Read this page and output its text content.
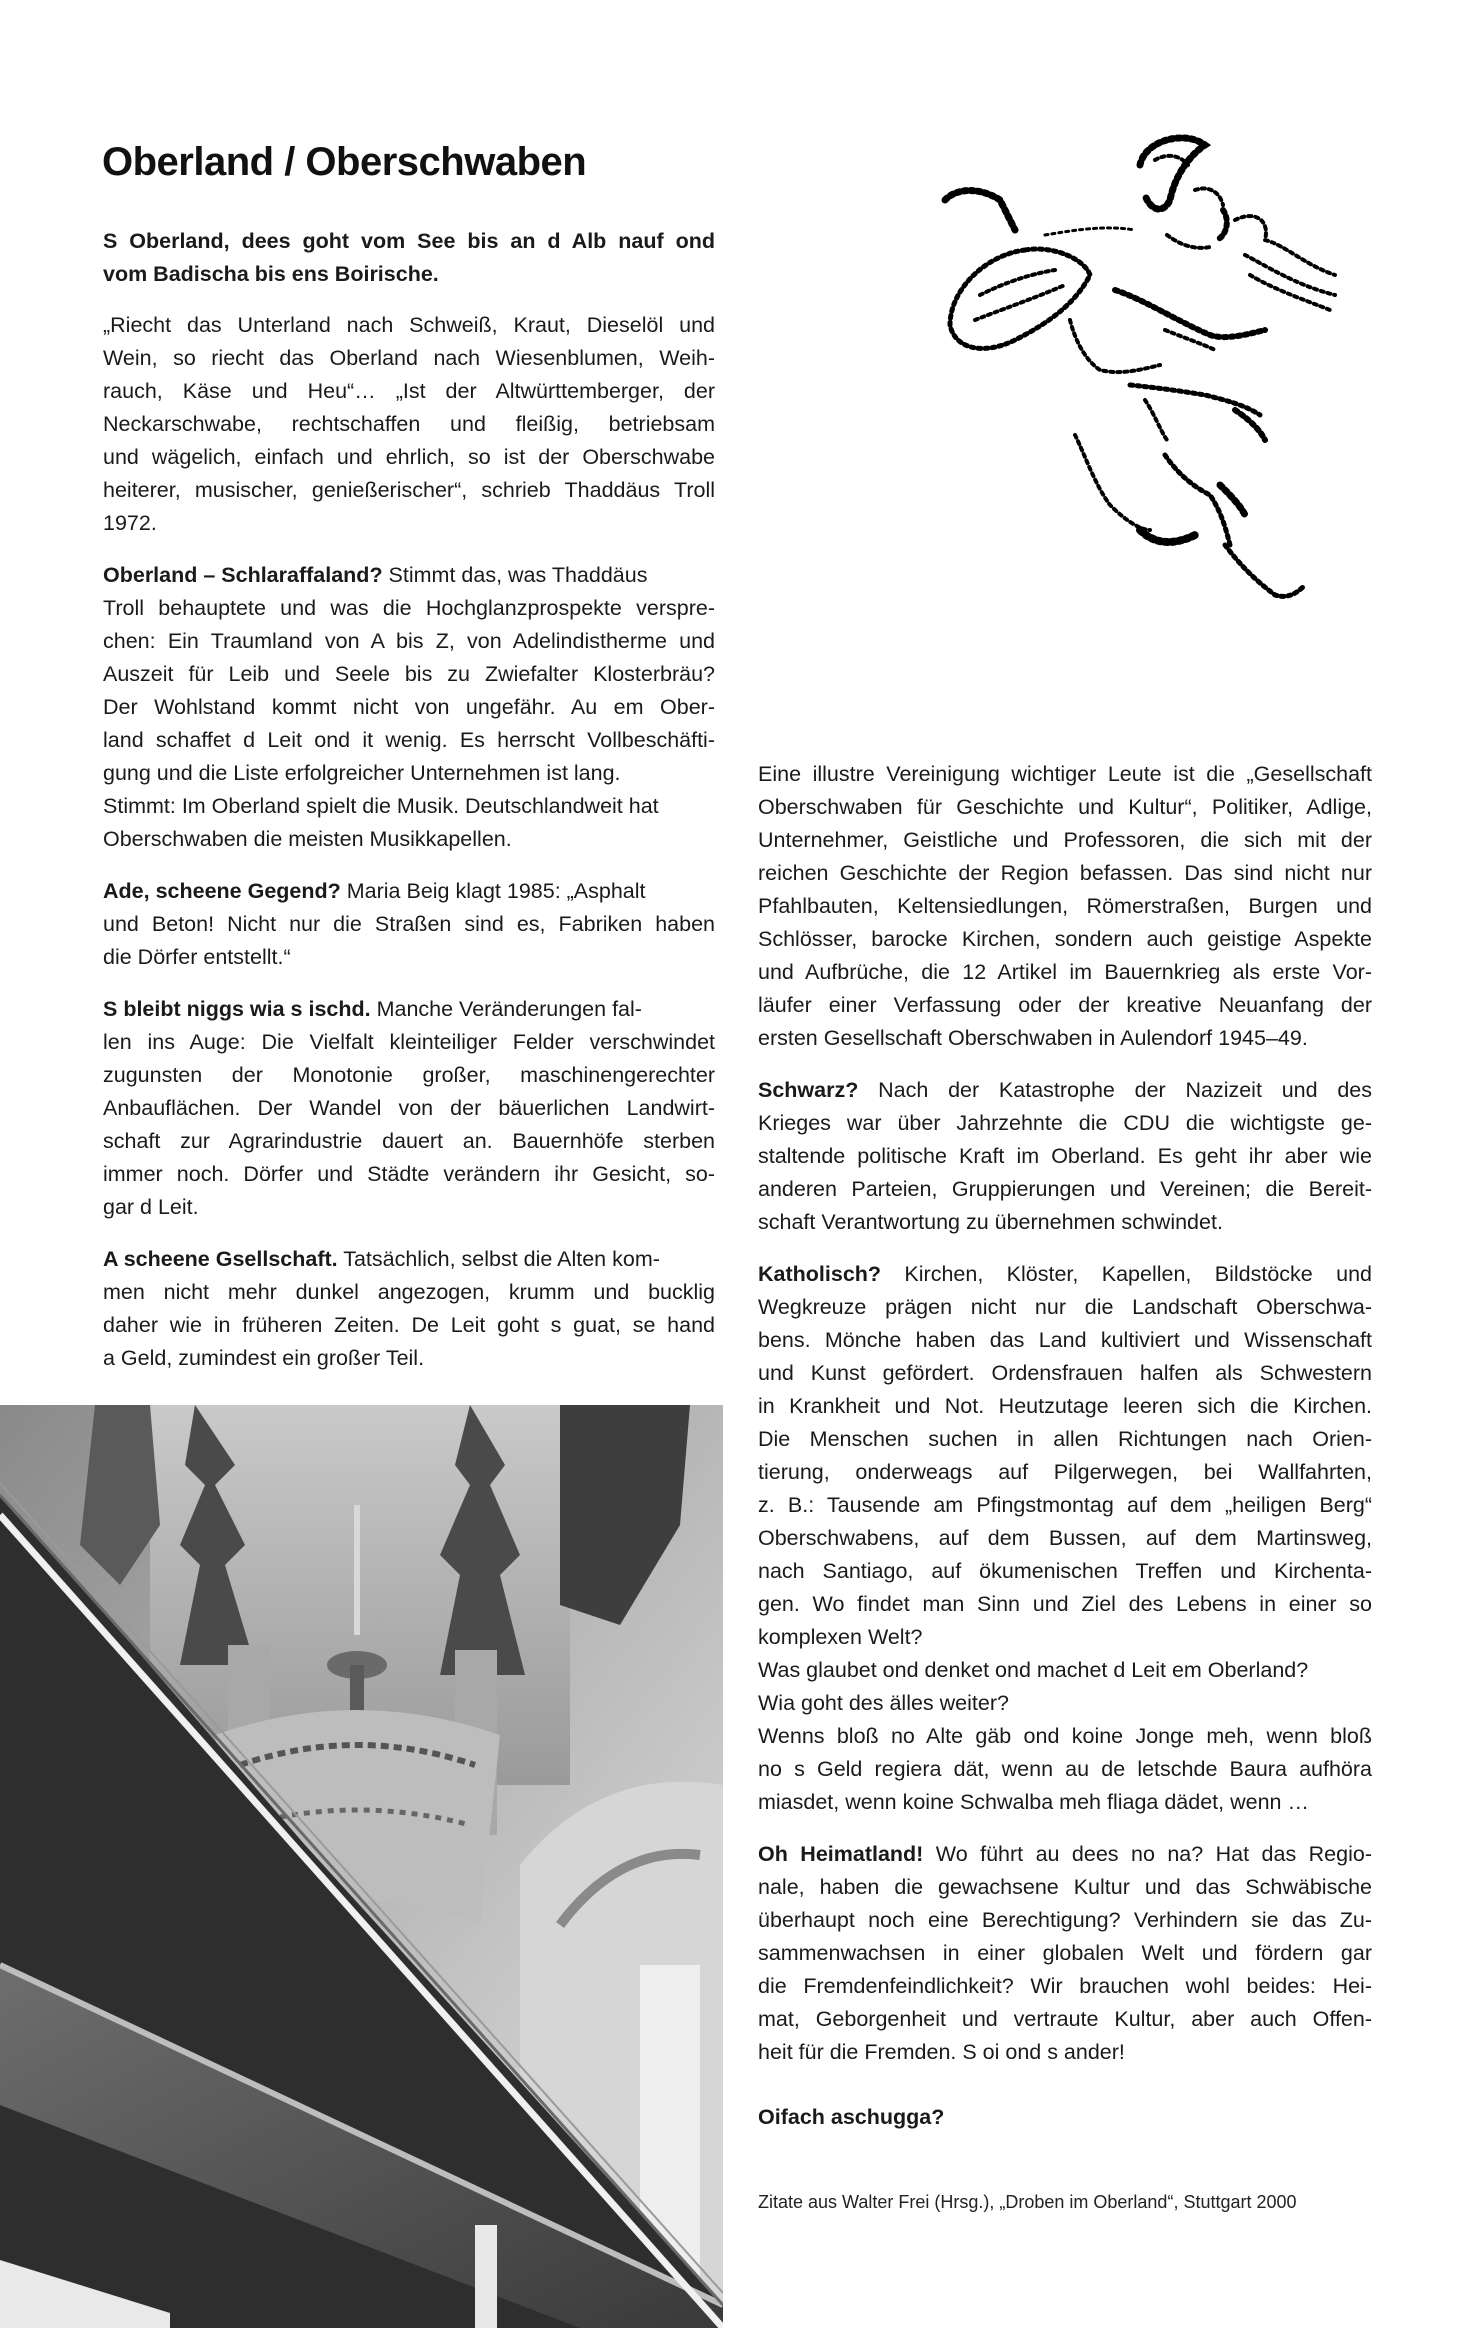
Oberland / Oberschwaben
S Oberland, dees goht vom See bis an d Alb nauf ond
vom Badischa bis ens Boirische.
„Riecht das Unterland nach Schweiß, Kraut, Dieselöl und
Wein, so riecht das Oberland nach Wiesenblumen, Weih-
rauch, Käse und Heu“… „Ist der Altwürttemberger, der
Neckarschwabe, rechtschaffen und fleißig, betriebsam
und wägelich, einfach und ehrlich, so ist der Oberschwabe
heiterer, musischer, genießerischer“, schrieb Thaddäus Troll
1972.
Oberland – Schlaraffaland? Stimmt das, was Thaddäus
Troll behauptete und was die Hochglanzprospekte verspre-
chen: Ein Traumland von A bis Z, von Adelindistherme und
Auszeit für Leib und Seele bis zu Zwiefalter Klosterbräu?
Der Wohlstand kommt nicht von ungefähr. Au em Ober-
land schaffet d Leit ond it wenig. Es herrscht Vollbeschäfti-
gung und die Liste erfolgreicher Unternehmen ist lang.
Stimmt: Im Oberland spielt die Musik. Deutschlandweit hat
Oberschwaben die meisten Musikkapellen.
Ade, scheene Gegend? Maria Beig klagt 1985: „Asphalt
und Beton! Nicht nur die Straßen sind es, Fabriken haben
die Dörfer entstellt.“
S bleibt niggs wia s ischd. Manche Veränderungen fal-
len ins Auge: Die Vielfalt kleinteiliger Felder verschwindet
zugunsten der Monotonie großer, maschinengerechter
Anbauflächen. Der Wandel von der bäuerlichen Landwirt-
schaft zur Agrarindustrie dauert an. Bauernhöfe sterben
immer noch. Dörfer und Städte verändern ihr Gesicht, so-
gar d Leit.
A scheene Gsellschaft. Tatsächlich, selbst die Alten kom-
men nicht mehr dunkel angezogen, krumm und bucklig
daher wie in früheren Zeiten. De Leit goht s guat, se hand
a Geld, zumindest ein großer Teil.
Eine illustre Vereinigung wichtiger Leute ist die „Gesellschaft
Oberschwaben für Geschichte und Kultur“, Politiker, Adlige,
Unternehmer, Geistliche und Professoren, die sich mit der
reichen Geschichte der Region befassen. Das sind nicht nur
Pfahlbauten, Keltensiedlungen, Römerstraßen, Burgen und
Schlösser, barocke Kirchen, sondern auch geistige Aspekte
und Aufbrüche, die 12 Artikel im Bauernkrieg als erste Vor-
läufer einer Verfassung oder der kreative Neuanfang der
ersten Gesellschaft Oberschwaben in Aulendorf 1945–49.
Schwarz? Nach der Katastrophe der Nazizeit und des
Krieges war über Jahrzehnte die CDU die wichtigste ge-
staltende politische Kraft im Oberland. Es geht ihr aber wie
anderen Parteien, Gruppierungen und Vereinen; die Bereit-
schaft Verantwortung zu übernehmen schwindet.
Katholisch? Kirchen, Klöster, Kapellen, Bildstöcke und
Wegkreuze prägen nicht nur die Landschaft Oberschwa-
bens. Mönche haben das Land kultiviert und Wissenschaft
und Kunst gefördert. Ordensfrauen halfen als Schwestern
in Krankheit und Not. Heutzutage leeren sich die Kirchen.
Die Menschen suchen in allen Richtungen nach Orien-
tierung, onderweags auf Pilgerwegen, bei Wallfahrten,
z. B.: Tausende am Pfingstmontag auf dem „heiligen Berg“
Oberschwabens, auf dem Bussen, auf dem Martinsweg,
nach Santiago, auf ökumenischen Treffen und Kirchenta-
gen. Wo findet man Sinn und Ziel des Lebens in einer so
komplexen Welt?
Was glaubet ond denket ond machet d Leit em Oberland?
Wia goht des älles weiter?
Wenns bloß no Alte gäb ond koine Jonge meh, wenn bloß
no s Geld regiera dät, wenn au de letschde Baura aufhöra
miasdet, wenn koine Schwalba meh fliaga dädet, wenn …
Oh Heimatland! Wo führt au dees no na? Hat das Regio-
nale, haben die gewachsene Kultur und das Schwäbische
überhaupt noch eine Berechtigung? Verhindern sie das Zu-
sammenwachsen in einer globalen Welt und fördern gar
die Fremdenfeindlichkeit? Wir brauchen wohl beides: Hei-
mat, Geborgenheit und vertraute Kultur, aber auch Offen-
heit für die Fremden. S oi ond s ander!

Oifach aschugga?

Zitate aus Walter Frei (Hrsg.), „Droben im Oberland“, Stuttgart 2000
